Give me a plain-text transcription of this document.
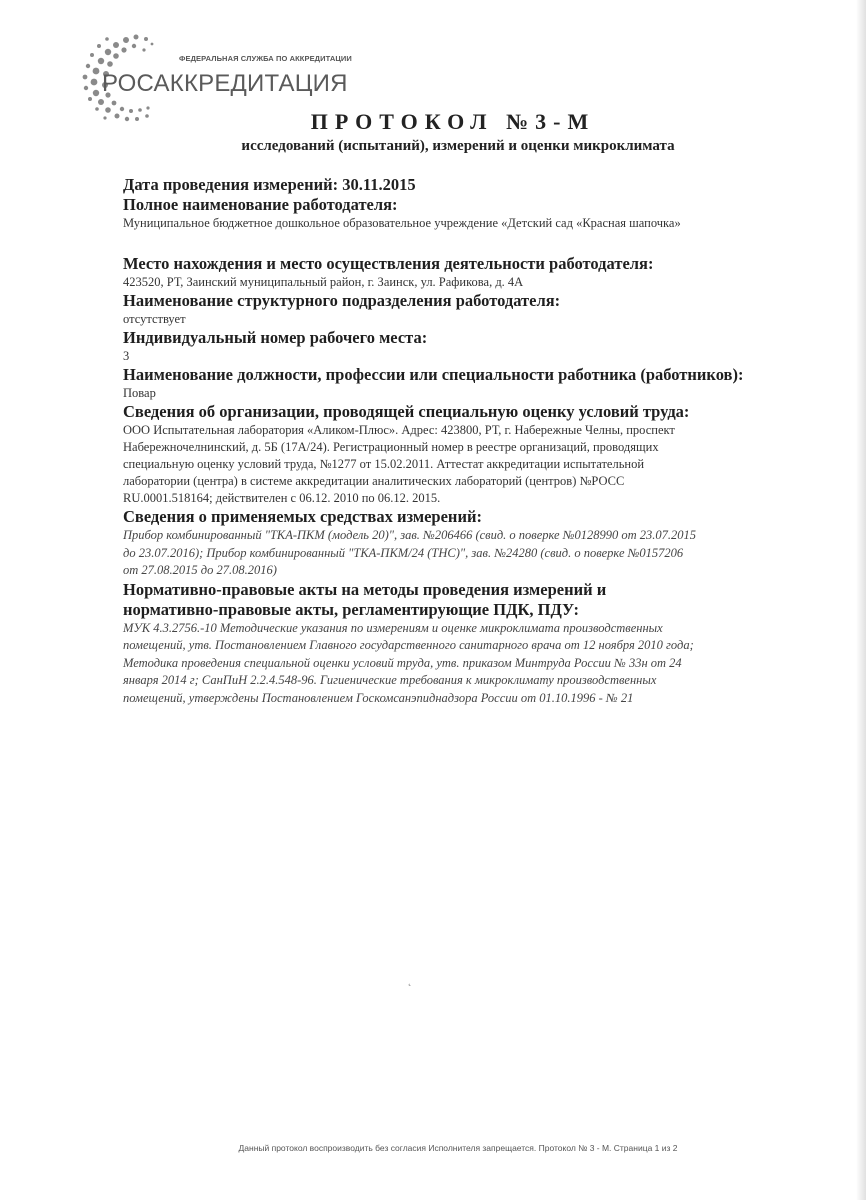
ФЕДЕРАЛЬНАЯ СЛУЖБА ПО АККРЕДИТАЦИИ
РОСАККРЕДИТАЦИЯ
ПРОТОКОЛ №3-М
исследований (испытаний), измерений и оценки микроклимата

Дата проведения измерений: 30.11.2015

Полное наименование работодателя:

Муниципальное бюджетное дошкольное образовательное учреждение «Детский сад «Красная шапочка»

Место нахождения и место осуществления деятельности работодателя:

423520, РТ, Заинский муниципальный район, г. Заинск, ул. Рафикова, д. 4А

Наименование структурного подразделения работодателя:

отсутствует

Индивидуальный номер рабочего места:

3

Наименование должности, профессии или специальности работника (работников):

Повар

Сведения об организации, проводящей специальную оценку условий труда:

ООО Испытательная лаборатория «Аликом-Плюс». Адрес: 423800, РТ, г. Набережные Челны, проспект

Набережночелнинский, д. 5Б (17А/24). Регистрационный номер в реестре организаций, проводящих

специальную оценку условий труда, №1277 от 15.02.2011. Аттестат аккредитации испытательной

лаборатории (центра) в системе аккредитации аналитических лабораторий (центров) №РОСС

RU.0001.518164; действителен с 06.12. 2010 по 06.12. 2015.

Сведения о применяемых средствах измерений:

Прибор комбинированный "ТКА-ПКМ (модель 20)", зав. №206466 (свид. о поверке №0128990 от 23.07.2015

до 23.07.2016); Прибор комбинированный "ТКА-ПКМ/24 (ТНС)", зав. №24280 (свид. о поверке №0157206

от 27.08.2015 до 27.08.2016)

Нормативно-правовые акты на методы проведения измерений и

нормативно-правовые акты, регламентирующие ПДК, ПДУ:

МУК 4.3.2756.-10 Методические указания по измерениям и оценке микроклимата производственных

помещений, утв. Постановлением Главного государственного санитарного врача от 12 ноября 2010 года;

Методика проведения специальной оценки условий труда, утв. приказом Минтруда России № 33н от 24

января 2014 г; СанПиН 2.2.4.548-96. Гигиенические требования к микроклимату производственных

помещений, утверждены Постановлением Госкомсанэпиднадзора России от 01.10.1996 - № 21

˛
Данный протокол воспроизводить без согласия Исполнителя запрещается. Протокол № 3 - М. Страница 1 из 2
